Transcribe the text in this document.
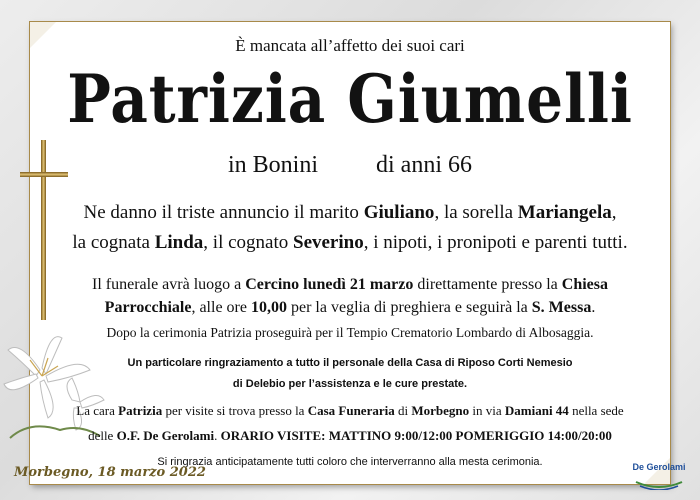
È mancata all’affetto dei suoi cari
Patrizia Giumelli
in Bonini di anni 66
Ne danno il triste annuncio il marito Giuliano, la sorella Mariangela,
la cognata Linda, il cognato Severino, i nipoti, i pronipoti e parenti tutti.
Il funerale avrà luogo a Cercino lunedì 21 marzo direttamente presso la Chiesa
Parrocchiale, alle ore 10,00 per la veglia di preghiera e seguirà la S. Messa.
Dopo la cerimonia Patrizia proseguirà per il Tempio Crematorio Lombardo di Albosaggia.
Un particolare ringraziamento a tutto il personale della Casa di Riposo Corti Nemesio
di Delebio per l’assistenza e le cure prestate.
La cara Patrizia per visite si trova presso la Casa Funeraria di Morbegno in via Damiani 44 nella sede
delle O.F. De Gerolami. ORARIO VISITE: MATTINO 9:00/12:00 POMERIGGIO 14:00/20:00
Si ringrazia anticipatamente tutti coloro che interverranno alla mesta cerimonia.
Morbegno, 18 marzo 2022	De Gerolami
